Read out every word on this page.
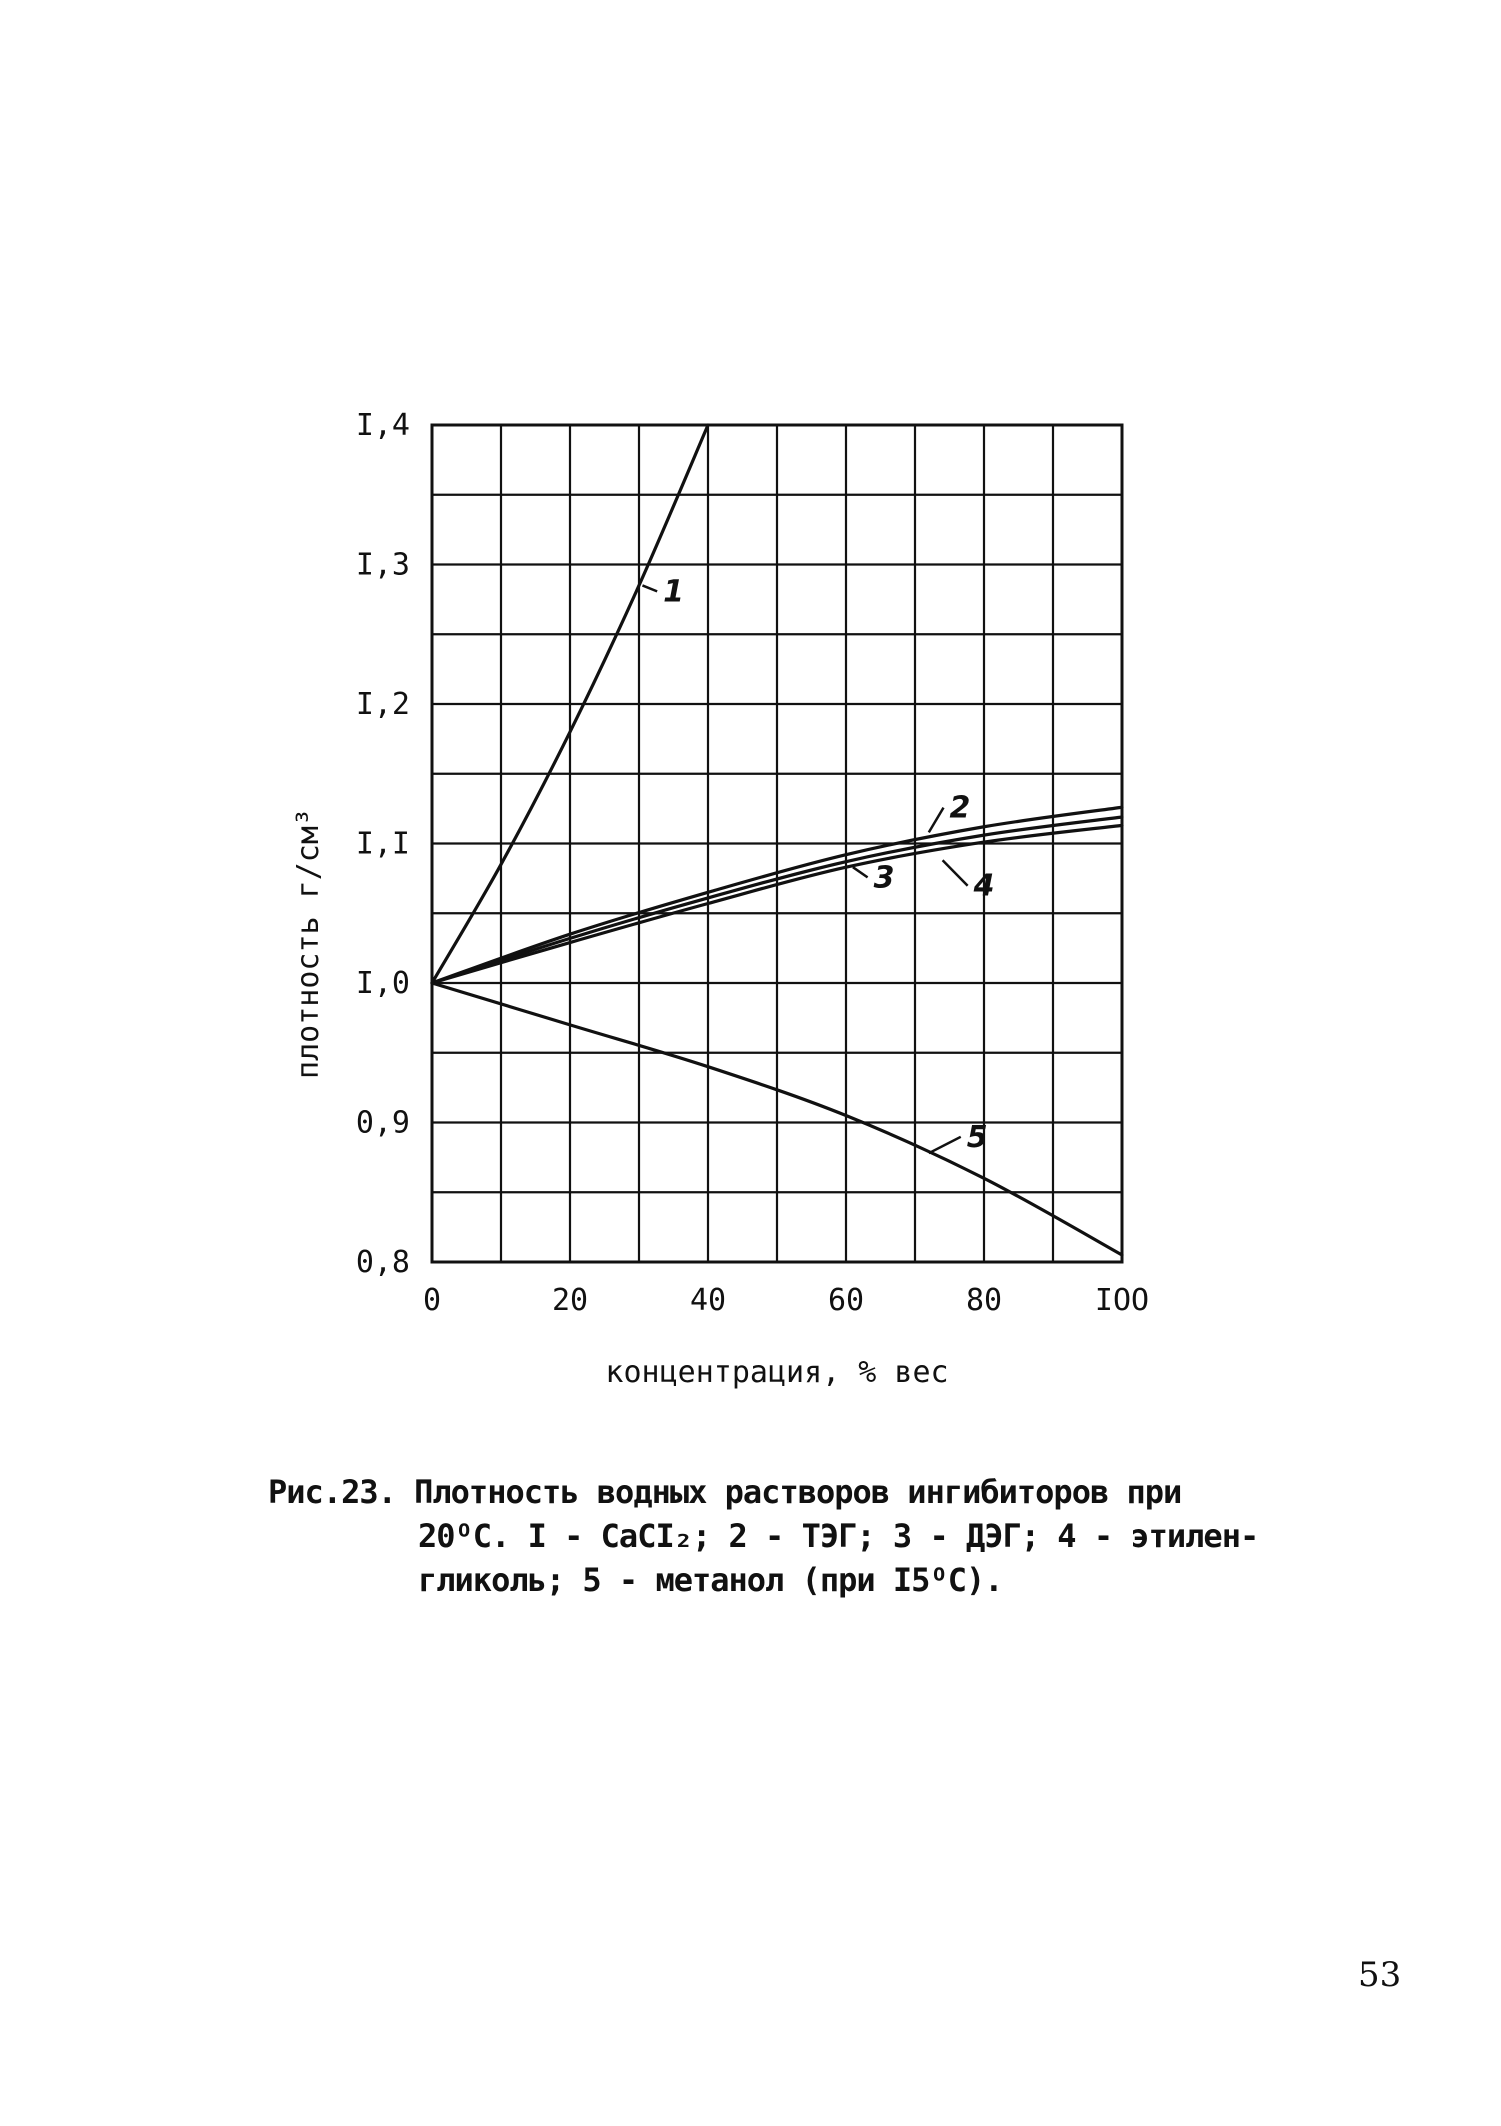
0,8
0,9
I,0
I,I
I,2
I,3
I,4
0	20	40	60	80	IOO
1
2
3	4
5
концентрация, % вес
плотность г/см³
Рис.23. Плотность водных растворов ингибиторов при
20ᴼC. I - CaCI₂; 2 - ТЭГ; 3 - ДЭГ; 4 - этилен-
гликоль; 5 - метанол (при I5ᴼC).
53
